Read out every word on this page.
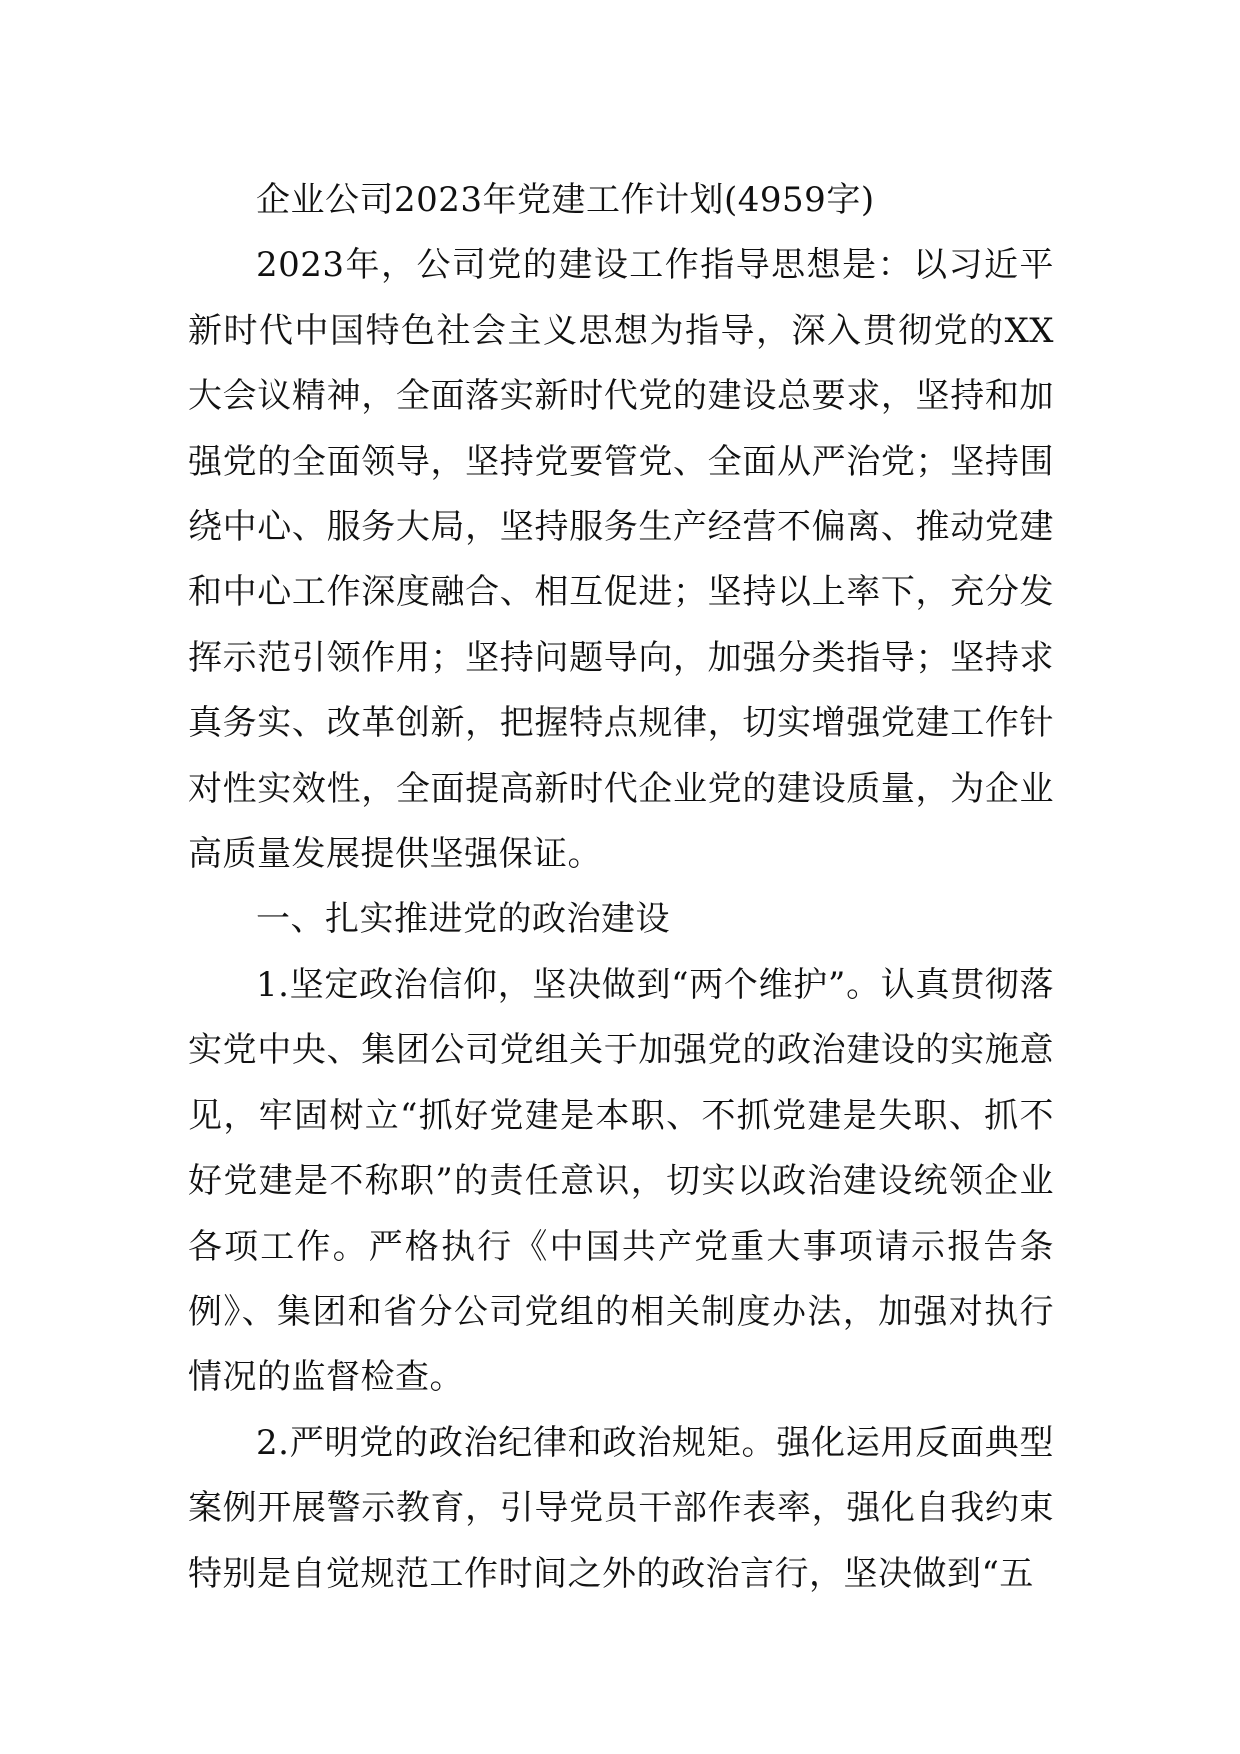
企业公司2023年党建工作计划(4959字)

2023年，公司党的建设工作指导思想是：以习近平新时代中国特色社会主义思想为指导，深入贯彻党的XX大会议精神，全面落实新时代党的建设总要求，坚持和加强党的全面领导，坚持党要管党、全面从严治党；坚持围绕中心、服务大局，坚持服务生产经营不偏离、推动党建和中心工作深度融合、相互促进；坚持以上率下，充分发挥示范引领作用；坚持问题导向，加强分类指导；坚持求真务实、改革创新，把握特点规律，切实增强党建工作针对性实效性，全面提高新时代企业党的建设质量，为企业高质量发展提供坚强保证。

一、扎实推进党的政治建设

1.坚定政治信仰，坚决做到“两个维护”。认真贯彻落实党中央、集团公司党组关于加强党的政治建设的实施意见，牢固树立“抓好党建是本职、不抓党建是失职、抓不好党建是不称职”的责任意识，切实以政治建设统领企业各项工作。严格执行《中国共产党重大事项请示报告条例》、集团和省分公司党组的相关制度办法，加强对执行情况的监督检查。

2.严明党的政治纪律和政治规矩。强化运用反面典型案例开展警示教育，引导党员干部作表率，强化自我约束特别是自觉规范工作时间之外的政治言行，坚决做到“五
